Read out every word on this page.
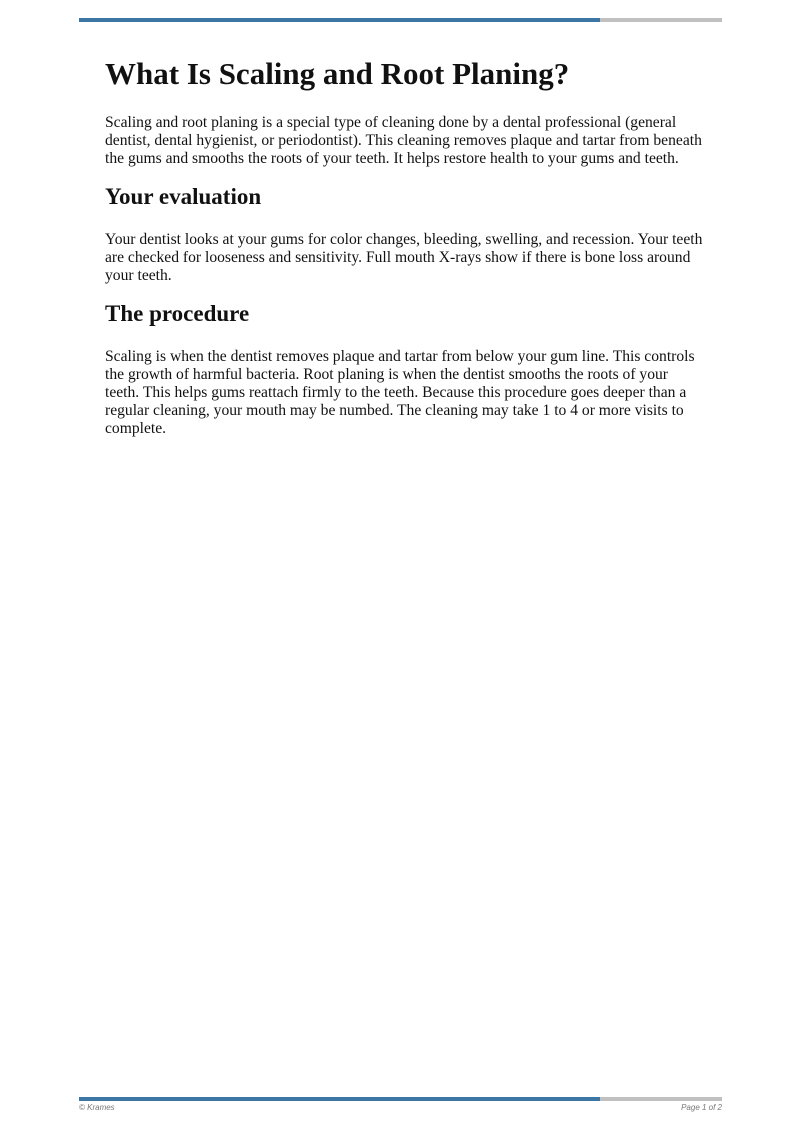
What Is Scaling and Root Planing?

Scaling and root planing is a special type of cleaning done by a dental professional (general dentist, dental hygienist, or periodontist). This cleaning removes plaque and tartar from beneath the gums and smooths the roots of your teeth. It helps restore health to your gums and teeth.

Your evaluation

Your dentist looks at your gums for color changes, bleeding, swelling, and recession. Your teeth are checked for looseness and sensitivity. Full mouth X-rays show if there is bone loss around your teeth.

The procedure

Scaling is when the dentist removes plaque and tartar from below your gum line. This controls the growth of harmful bacteria. Root planing is when the dentist smooths the roots of your teeth. This helps gums reattach firmly to the teeth. Because this procedure goes deeper than a regular cleaning, your mouth may be numbed. The cleaning may take 1 to 4 or more visits to complete.

© Krames	Page 1 of 2
